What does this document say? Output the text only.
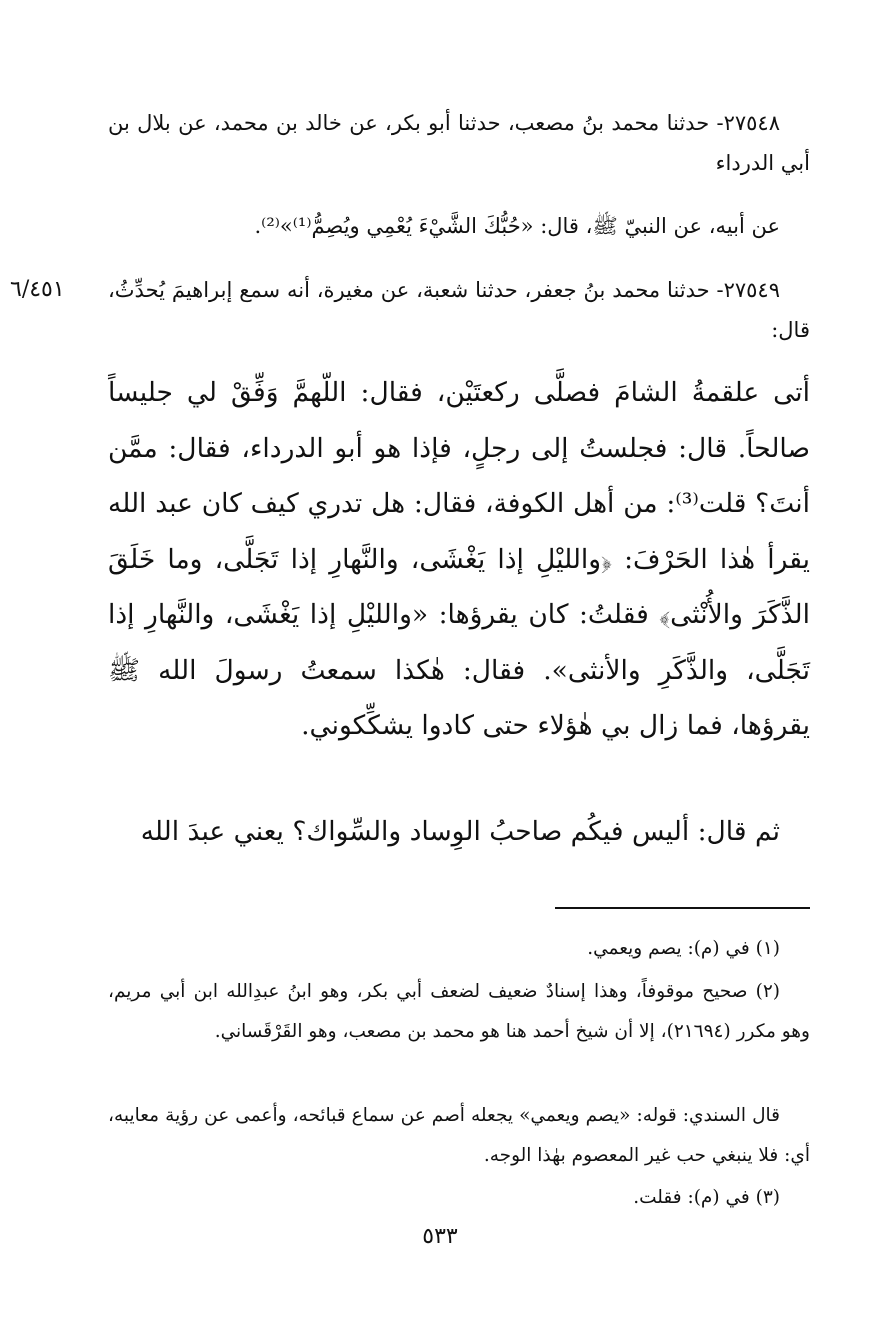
٢٧٥٤٨- حدثنا محمد بنُ مصعب، حدثنا أبو بكر، عن خالد بن محمد، عن بلال بن أبي الدرداء

عن أبيه، عن النبيّ ﷺ، قال: «حُبُّكَ الشَّيْءَ يُعْمِي ويُصِمُّ⁽¹⁾»⁽²⁾.

٦/٤٥١	٢٧٥٤٩- حدثنا محمد بنُ جعفر، حدثنا شعبة، عن مغيرة، أنه سمع إبراهيمَ يُحدِّثُ، قال:

أتى علقمةُ الشامَ فصلَّى ركعتَيْن، فقال: اللّهمَّ وَفِّقْ لي جليساً صالحاً. قال: فجلستُ إلى رجلٍ، فإذا هو أبو الدرداء، فقال: ممَّن أنتَ؟ قلت⁽³⁾: من أهل الكوفة، فقال: هل تدري كيف كان عبد الله يقرأ هٰذا الحَرْفَ: ﴿والليْلِ إذا يَغْشَى، والنَّهارِ إذا تَجَلَّى، وما خَلَقَ الذَّكَرَ والأُنْثى﴾ فقلتُ: كان يقرؤها: «والليْلِ إذا يَغْشَى، والنَّهارِ إذا تَجَلَّى، والذَّكَرِ والأنثى». فقال: هٰكذا سمعتُ رسولَ الله ﷺ يقرؤها، فما زال بي هٰؤلاء حتى كادوا يشكِّكوني.

ثم قال: أليس فيكُم صاحبُ الوِساد والسِّواك؟ يعني عبدَ الله

(١) في (م): يصم ويعمي.

(٢) صحيح موقوفاً، وهذا إسنادٌ ضعيف لضعف أبي بكر، وهو ابنُ عبدِالله ابن أبي مريم، وهو مكرر (٢١٦٩٤)، إلا أن شيخ أحمد هنا هو محمد بن مصعب، وهو القَرْقَساني.

قال السندي: قوله: «يصم ويعمي» يجعله أصم عن سماع قبائحه، وأعمى عن رؤية معايبه، أي: فلا ينبغي حب غير المعصوم بهٰذا الوجه.

(٣) في (م): فقلت.

٥٣٣
